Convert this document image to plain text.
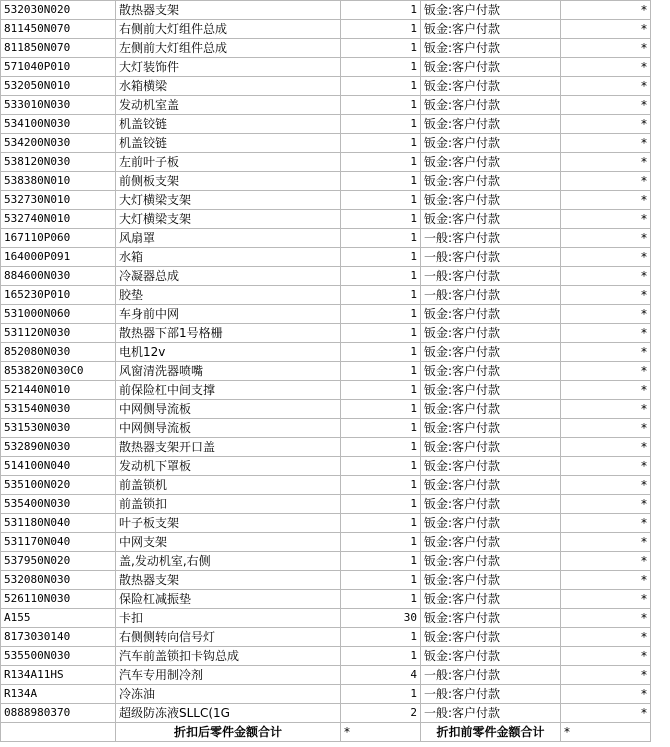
532030N020	散热器支架	1	钣金:客户付款	*
811450N070	右侧前大灯组件总成	1	钣金:客户付款	*
811850N070	左侧前大灯组件总成	1	钣金:客户付款	*
571040P010	大灯装饰件	1	钣金:客户付款	*
532050N010	水箱横梁	1	钣金:客户付款	*
533010N030	发动机室盖	1	钣金:客户付款	*
534100N030	机盖铰链	1	钣金:客户付款	*
534200N030	机盖铰链	1	钣金:客户付款	*
538120N030	左前叶子板	1	钣金:客户付款	*
538380N010	前侧板支架	1	钣金:客户付款	*
532730N010	大灯横梁支架	1	钣金:客户付款	*
532740N010	大灯横梁支架	1	钣金:客户付款	*
167110P060	风扇罩	1	一般:客户付款	*
164000P091	水箱	1	一般:客户付款	*
884600N030	冷凝器总成	1	一般:客户付款	*
165230P010	胶垫	1	一般:客户付款	*
531000N060	车身前中网	1	钣金:客户付款	*
531120N030	散热器下部1号格栅	1	钣金:客户付款	*
852080N030	电机12v	1	钣金:客户付款	*
853820N030C0	风窗清洗器喷嘴	1	钣金:客户付款	*
521440N010	前保险杠中间支撑	1	钣金:客户付款	*
531540N030	中网侧导流板	1	钣金:客户付款	*
531530N030	中网侧导流板	1	钣金:客户付款	*
532890N030	散热器支架开口盖	1	钣金:客户付款	*
514100N040	发动机下罩板	1	钣金:客户付款	*
535100N020	前盖锁机	1	钣金:客户付款	*
535400N030	前盖锁扣	1	钣金:客户付款	*
531180N040	叶子板支架	1	钣金:客户付款	*
531170N040	中网支架	1	钣金:客户付款	*
537950N020	盖,发动机室,右侧	1	钣金:客户付款	*
532080N030	散热器支架	1	钣金:客户付款	*
526110N030	保险杠减振垫	1	钣金:客户付款	*
A155	卡扣	30	钣金:客户付款	*
8173030140	右侧侧转向信号灯	1	钣金:客户付款	*
535500N030	汽车前盖锁扣卡钩总成	1	钣金:客户付款	*
R134A11HS	汽车专用制冷剂	4	一般:客户付款	*
R134A	冷冻油	1	一般:客户付款	*
0888980370	超级防冻液SLLC(1G	2	一般:客户付款	*
	折扣后零件金额合计	*	折扣前零件金额合计	*
